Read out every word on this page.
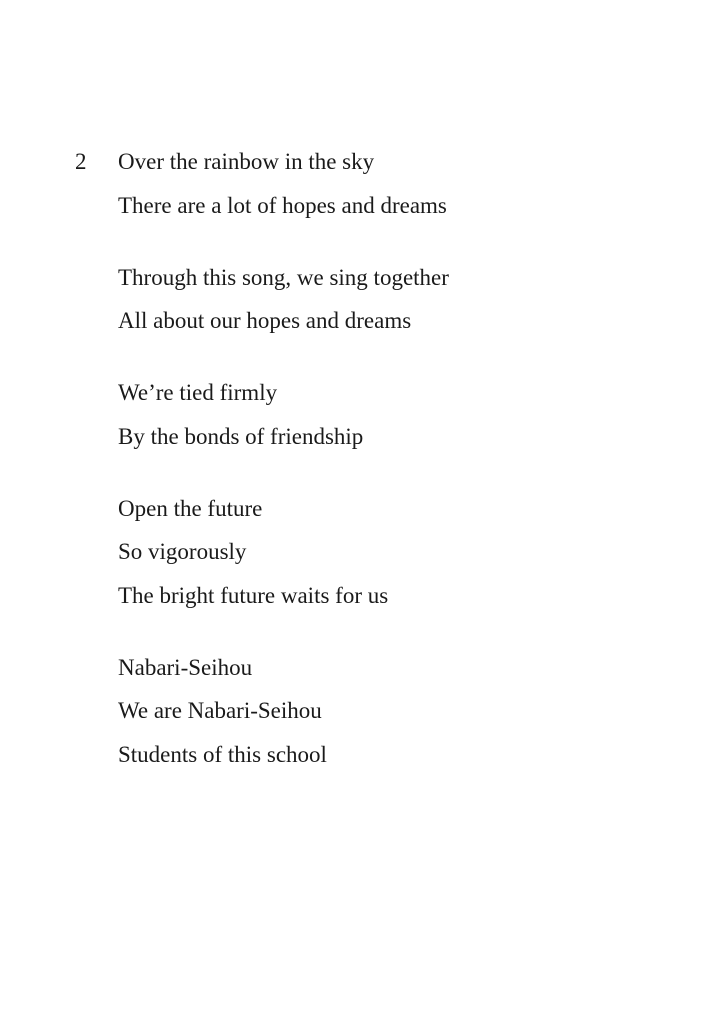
2 Over the rainbow in the sky
There are a lot of hopes and dreams
Through this song, we sing together
All about our hopes and dreams
We’re tied firmly
By the bonds of friendship
Open the future
So vigorously
The bright future waits for us
Nabari-Seihou
We are Nabari-Seihou
Students of this school
